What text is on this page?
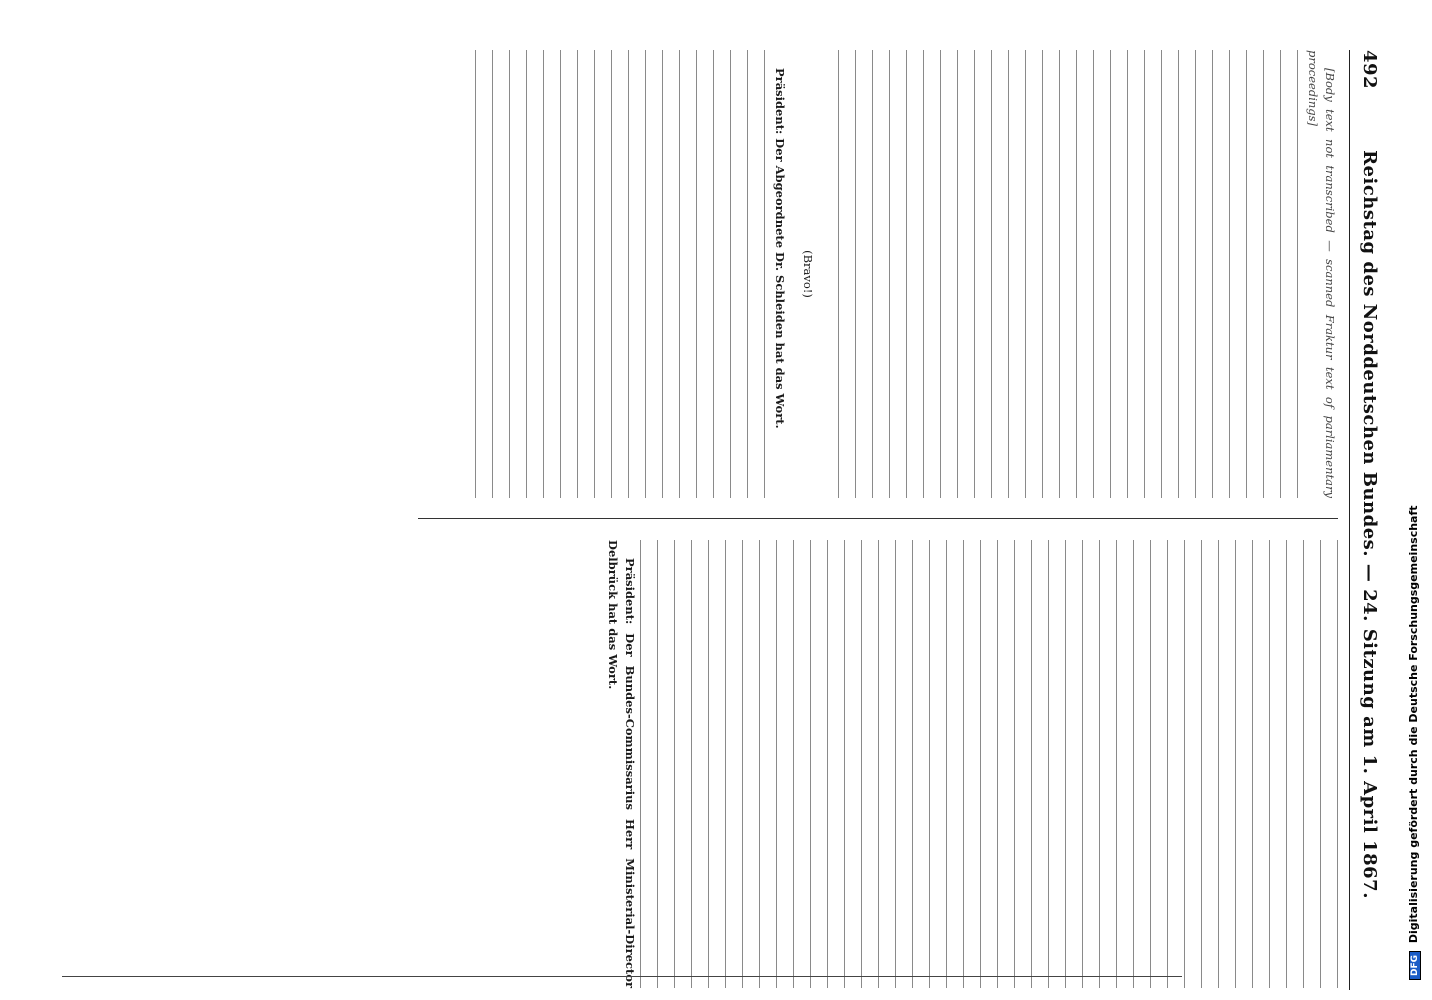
492
Reichstag des Norddeutschen Bundes. — 24. Sitzung am 1. April 1867.

[Body text not transcribed — scanned Fraktur text of parliamentary proceedings]

(Bravo!)

Präsident: Der Abgeordnete Dr. Schleiden hat das Wort.

Präsident: Der Bundes-Commissarius Herr Ministerial-Director Delbrück hat das Wort.

DFG Digitalisierung gefördert durch die Deutsche Forschungsgemeinschaft
